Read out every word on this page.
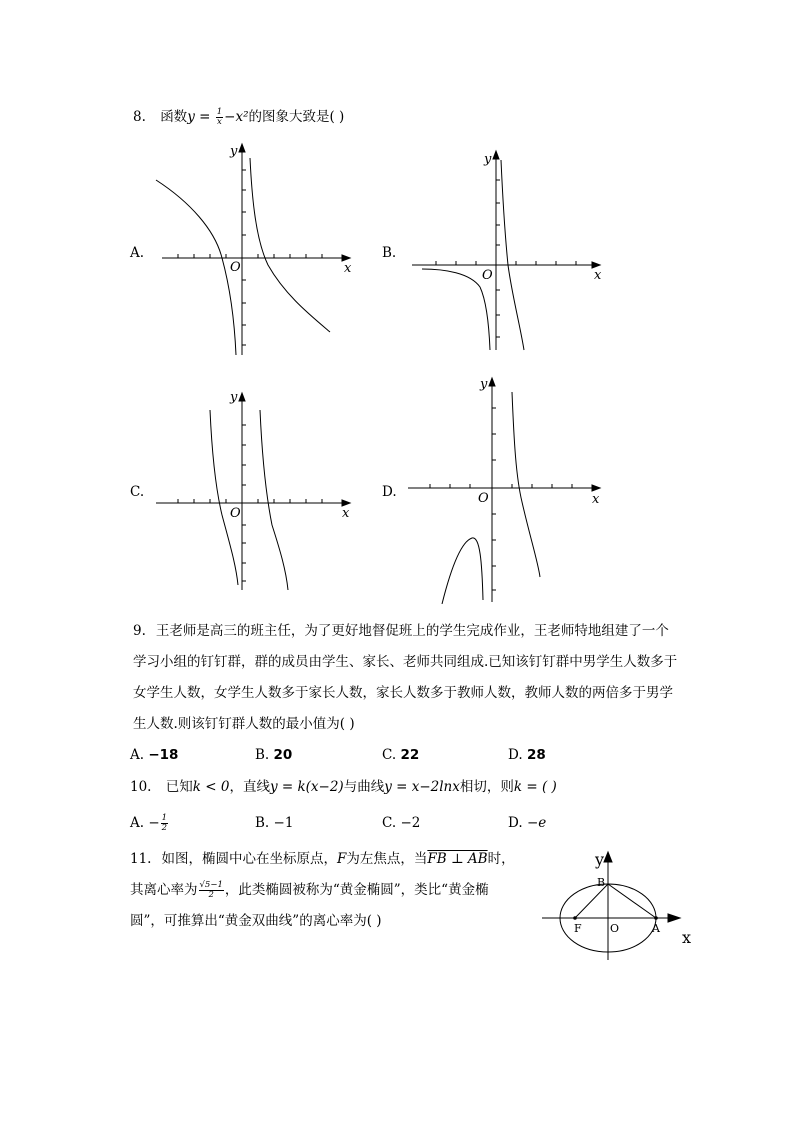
8. 函数$y = \frac{1}{x} -x^2$的图象大致是( )
A.
y
x
O
B.
y
x
O
C.
y
x
O
D.
y
x
O
9. 王老师是高三的班主任，为了更好地督促班上的学生完成作业，王老师特地组建了一个
学习小组的钉钉群，群的成员由学生、家长、老师共同组成.已知该钉钉群中男学生人数多于
女学生人数，女学生人数多于家长人数，家长人数多于教师人数，教师人数的两倍多于男学
生人数.则该钉钉群人数的最小值为( )
A. −18	B. 20	C. 22	D. 28
10. 已知k < 0，直线y = k(x−2)与曲线y = x−2lnx相切，则k = ( )
A. − $\frac{1}{2}$	B. −1	C. −2	D. −e
11. 如图，椭圆中心在坐标原点，F为左焦点，当FB ⊥ AB时，
其离心率为 $\frac{√5-1}{2}$ ，此类椭圆被称为“黄金椭圆”，类比“黄金椭
圆”，可推算出“黄金双曲线”的离心率为( )
y
x
B
F	O	A
